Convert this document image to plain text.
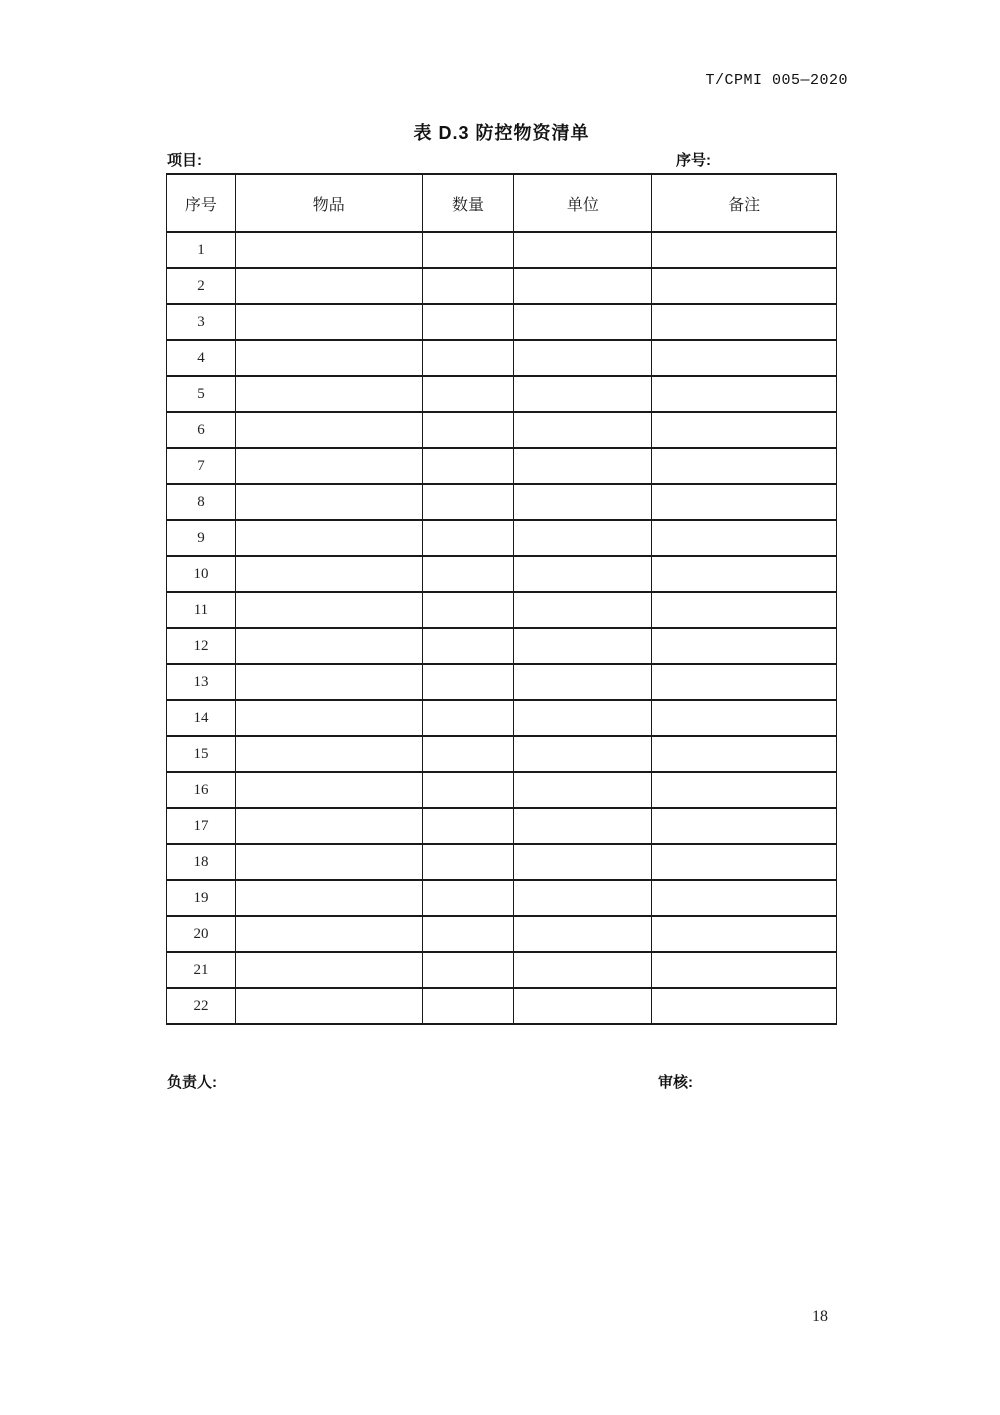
T/CPMI 005—2020
表 D.3 防控物资清单
项目:	序号:
序号	物品	数量	单位	备注
1				
2				
3				
4				
5				
6				
7				
8				
9				
10				
11				
12				
13				
14				
15				
16				
17				
18				
19				
20				
21				
22				
负责人:	审核:
18
